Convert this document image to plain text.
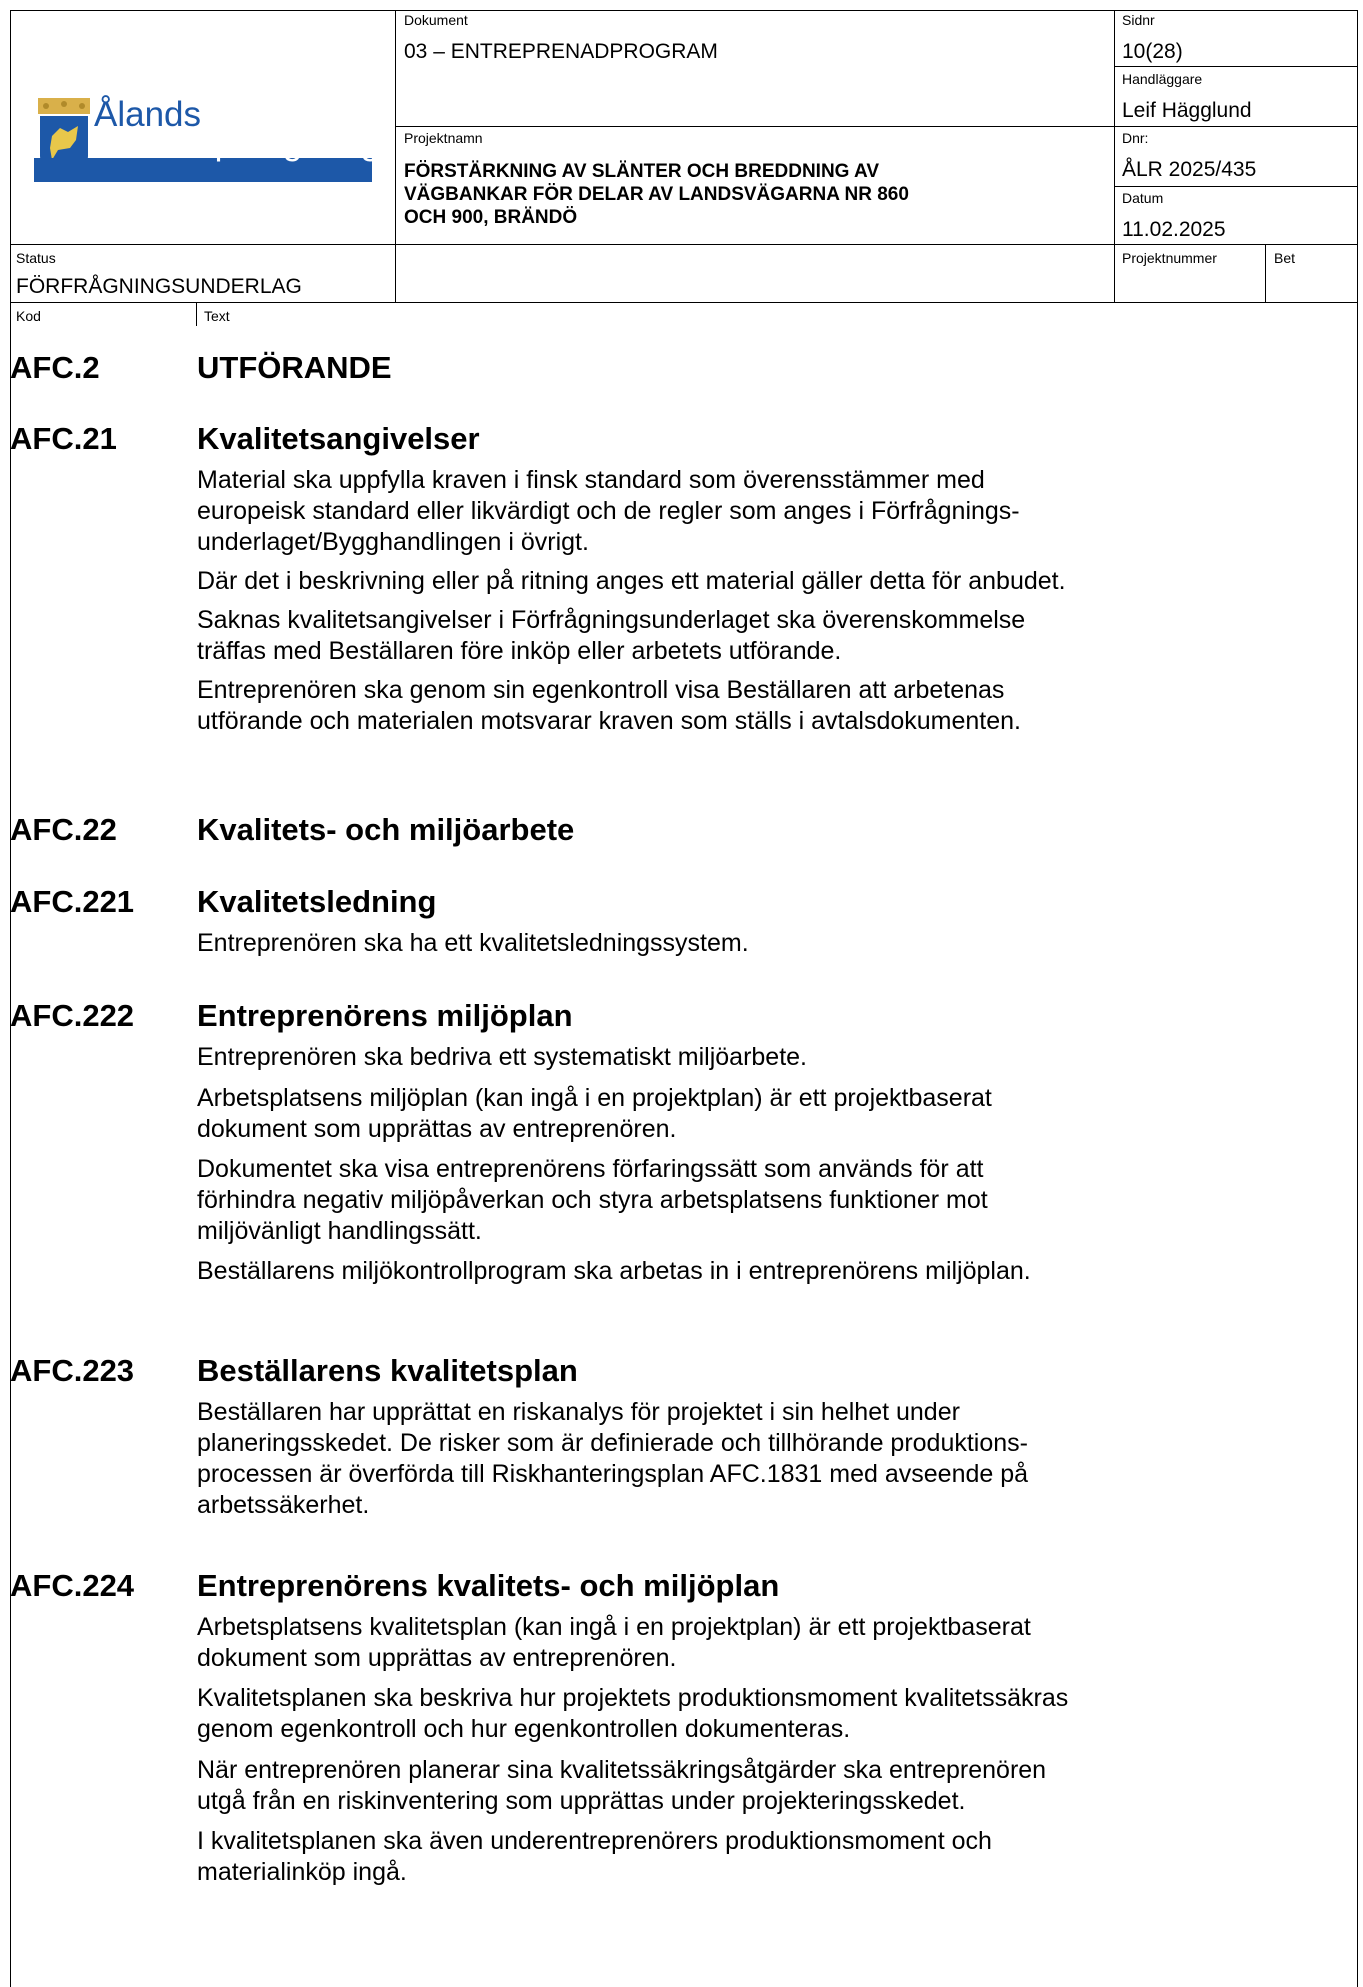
Ålands
landskapsregering
Dokument
03 – ENTREPRENADPROGRAM
Sidnr
10(28)
Handläggare
Leif Hägglund
Projektnamn
FÖRSTÄRKNING AV SLÄNTER OCH BREDDNING AV
VÄGBANKAR FÖR DELAR AV LANDSVÄGARNA NR 860
OCH 900, BRÄNDÖ
Dnr:
ÅLR 2025/435
Datum
11.02.2025
Status
FÖRFRÅGNINGSUNDERLAG
Projektnummer	Bet
Kod	Text
AFC.2	UTFÖRANDE
AFC.21	Kvalitetsangivelser
Material ska uppfylla kraven i finsk standard som överensstämmer med
europeisk standard eller likvärdigt och de regler som anges i Förfrågnings-
underlaget/Bygghandlingen i övrigt.
Där det i beskrivning eller på ritning anges ett material gäller detta för anbudet.
Saknas kvalitetsangivelser i Förfrågningsunderlaget ska överenskommelse
träffas med Beställaren före inköp eller arbetets utförande.
Entreprenören ska genom sin egenkontroll visa Beställaren att arbetenas
utförande och materialen motsvarar kraven som ställs i avtalsdokumenten.
AFC.22	Kvalitets- och miljöarbete
AFC.221 Kvalitetsledning
Entreprenören ska ha ett kvalitetsledningssystem.
AFC.222 Entreprenörens miljöplan
Entreprenören ska bedriva ett systematiskt miljöarbete.
Arbetsplatsens miljöplan (kan ingå i en projektplan) är ett projektbaserat
dokument som upprättas av entreprenören.
Dokumentet ska visa entreprenörens förfaringssätt som används för att
förhindra negativ miljöpåverkan och styra arbetsplatsens funktioner mot
miljövänligt handlingssätt.
Beställarens miljökontrollprogram ska arbetas in i entreprenörens miljöplan.
AFC.223 Beställarens kvalitetsplan
Beställaren har upprättat en riskanalys för projektet i sin helhet under
planeringsskedet. De risker som är definierade och tillhörande produktions-
processen är överförda till Riskhanteringsplan AFC.1831 med avseende på
arbetssäkerhet.
AFC.224 Entreprenörens kvalitets- och miljöplan
Arbetsplatsens kvalitetsplan (kan ingå i en projektplan) är ett projektbaserat
dokument som upprättas av entreprenören.
Kvalitetsplanen ska beskriva hur projektets produktionsmoment kvalitetssäkras
genom egenkontroll och hur egenkontrollen dokumenteras.
När entreprenören planerar sina kvalitetssäkringsåtgärder ska entreprenören
utgå från en riskinventering som upprättas under projekteringsskedet.
I kvalitetsplanen ska även underentreprenörers produktionsmoment och
materialinköp ingå.
